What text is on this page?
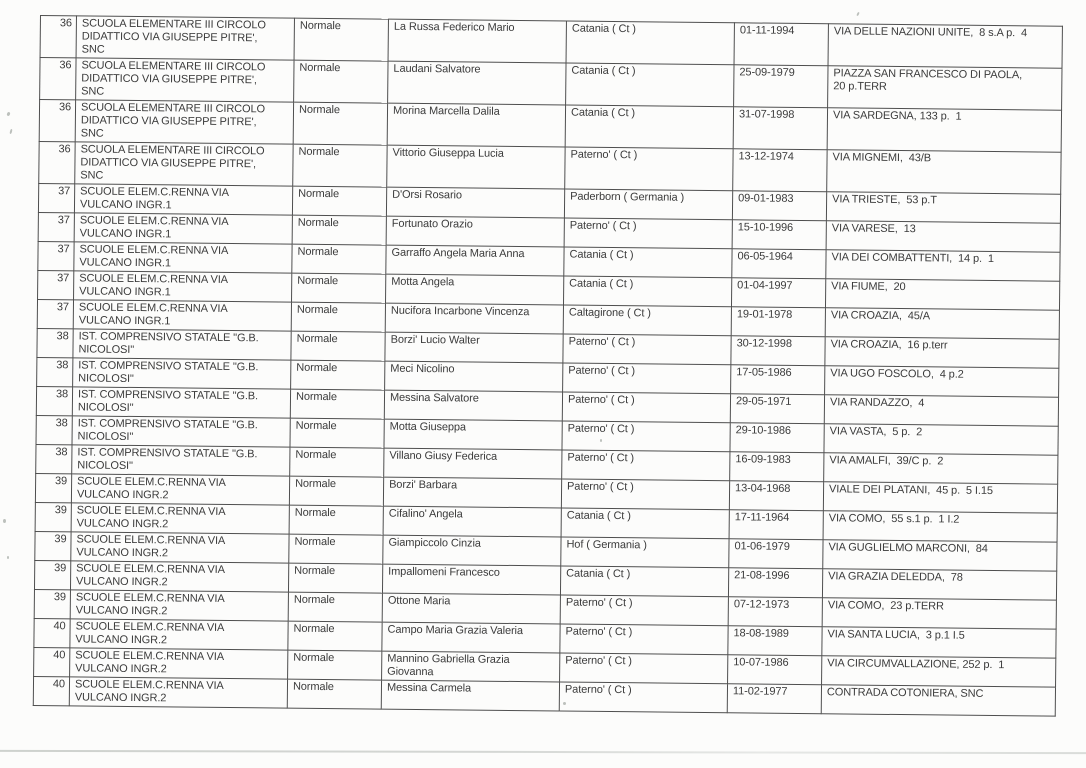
36	SCUOLA ELEMENTARE III CIRCOLO
DIDATTICO VIA GIUSEPPE PITRE',
SNC	Normale	La Russa Federico Mario	Catania ( Ct )	01-11-1994	VIA DELLE NAZIONI UNITE,  8 s.A p.  4
36	SCUOLA ELEMENTARE III CIRCOLO
DIDATTICO VIA GIUSEPPE PITRE',
SNC	Normale	Laudani Salvatore	Catania ( Ct )	25-09-1979	PIAZZA SAN FRANCESCO DI PAOLA,
20 p.TERR
36	SCUOLA ELEMENTARE III CIRCOLO
DIDATTICO VIA GIUSEPPE PITRE',
SNC	Normale	Morina Marcella Dalila	Catania ( Ct )	31-07-1998	VIA SARDEGNA, 133 p.  1
36	SCUOLA ELEMENTARE III CIRCOLO
DIDATTICO VIA GIUSEPPE PITRE',
SNC	Normale	Vittorio Giuseppa Lucia	Paterno' ( Ct )	13-12-1974	VIA MIGNEMI,  43/B
37	SCUOLE ELEM.C.RENNA VIA
VULCANO INGR.1	Normale	D'Orsi Rosario	Paderborn ( Germania )	09-01-1983	VIA TRIESTE,  53 p.T
37	SCUOLE ELEM.C.RENNA VIA
VULCANO INGR.1	Normale	Fortunato Orazio	Paterno' ( Ct )	15-10-1996	VIA VARESE,  13
37	SCUOLE ELEM.C.RENNA VIA
VULCANO INGR.1	Normale	Garraffo Angela Maria Anna	Catania ( Ct )	06-05-1964	VIA DEI COMBATTENTI,  14 p.  1
37	SCUOLE ELEM.C.RENNA VIA
VULCANO INGR.1	Normale	Motta Angela	Catania ( Ct )	01-04-1997	VIA FIUME,  20
37	SCUOLE ELEM.C.RENNA VIA
VULCANO INGR.1	Normale	Nucifora Incarbone Vincenza	Caltagirone ( Ct )	19-01-1978	VIA CROAZIA,  45/A
38	IST. COMPRENSIVO STATALE "G.B.
NICOLOSI"	Normale	Borzi' Lucio Walter	Paterno' ( Ct )	30-12-1998	VIA CROAZIA,  16 p.terr
38	IST. COMPRENSIVO STATALE "G.B.
NICOLOSI"	Normale	Meci Nicolino	Paterno' ( Ct )	17-05-1986	VIA UGO FOSCOLO,  4 p.2
38	IST. COMPRENSIVO STATALE "G.B.
NICOLOSI"	Normale	Messina Salvatore	Paterno' ( Ct )	29-05-1971	VIA RANDAZZO,  4
38	IST. COMPRENSIVO STATALE "G.B.
NICOLOSI"	Normale	Motta Giuseppa	Paterno' ( Ct )	29-10-1986	VIA VASTA,  5 p.  2
38	IST. COMPRENSIVO STATALE "G.B.
NICOLOSI"	Normale	Villano Giusy Federica	Paterno' ( Ct )	16-09-1983	VIA AMALFI,  39/C p.  2
39	SCUOLE ELEM.C.RENNA VIA
VULCANO INGR.2	Normale	Borzi' Barbara	Paterno' ( Ct )	13-04-1968	VIALE DEI PLATANI,  45 p.  5 I.15
39	SCUOLE ELEM.C.RENNA VIA
VULCANO INGR.2	Normale	Cifalino' Angela	Catania ( Ct )	17-11-1964	VIA COMO,  55 s.1 p.  1 I.2
39	SCUOLE ELEM.C.RENNA VIA
VULCANO INGR.2	Normale	Giampiccolo Cinzia	Hof ( Germania )	01-06-1979	VIA GUGLIELMO MARCONI,  84
39	SCUOLE ELEM.C.RENNA VIA
VULCANO INGR.2	Normale	Impallomeni Francesco	Catania ( Ct )	21-08-1996	VIA GRAZIA DELEDDA,  78
39	SCUOLE ELEM.C.RENNA VIA
VULCANO INGR.2	Normale	Ottone Maria	Paterno' ( Ct )	07-12-1973	VIA COMO,  23 p.TERR
40	SCUOLE ELEM.C.RENNA VIA
VULCANO INGR.2	Normale	Campo Maria Grazia Valeria	Paterno' ( Ct )	18-08-1989	VIA SANTA LUCIA,  3 p.1 I.5
40	SCUOLE ELEM.C.RENNA VIA
VULCANO INGR.2	Normale	Mannino Gabriella Grazia
Giovanna	Paterno' ( Ct )	10-07-1986	VIA CIRCUMVALLAZIONE, 252 p.  1
40	SCUOLE ELEM.C.RENNA VIA
VULCANO INGR.2	Normale	Messina Carmela	Paterno' ( Ct )	11-02-1977	CONTRADA COTONIERA, SNC
